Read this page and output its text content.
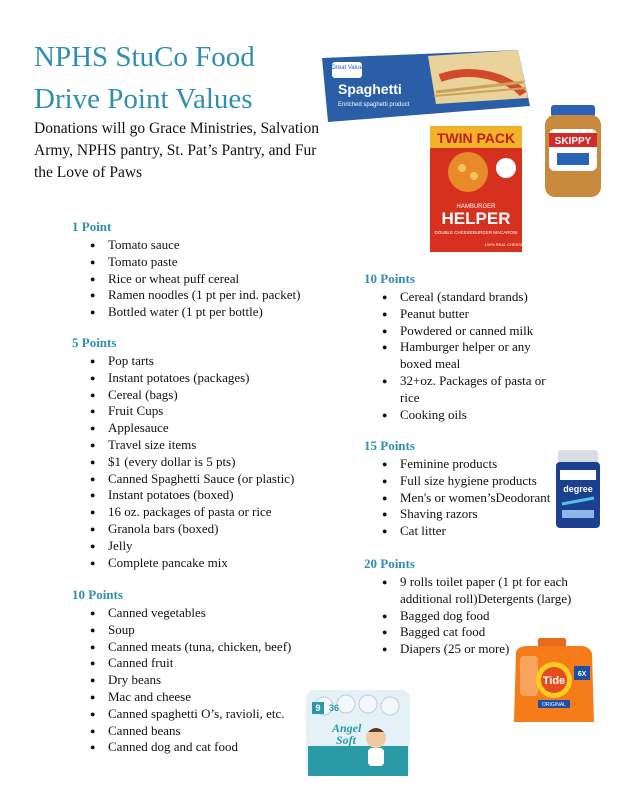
NPHS StuCo Food Drive Point Values

Donations will go Grace Ministries, Salvation Army, NPHS pantry, St. Pat’s Pantry, and Fur the Love of Paws

1 Point
● Tomato sauce
● Tomato paste
● Rice or wheat puff cereal
● Ramen noodles (1 pt per ind. packet)
● Bottled water (1 pt per bottle)
5 Points
● Pop tarts
● Instant potatoes (packages)
● Cereal (bags)
● Fruit Cups
● Applesauce
● Travel size items
● $1 (every dollar is 5 pts)
● Canned Spaghetti Sauce (or plastic)
● Instant potatoes (boxed)
● 16 oz. packages of pasta or rice
● Granola bars (boxed)
● Jelly
● Complete pancake mix
10 Points
● Canned vegetables
● Soup
● Canned meats (tuna, chicken, beef)
● Canned fruit
● Dry beans
● Mac and cheese
● Canned spaghetti O’s, ravioli, etc.
● Canned beans
● Canned dog and cat food
10 Points
● Cereal (standard brands)
● Peanut butter
● Powdered or canned milk
● Hamburger helper or any boxed meal
● 32+oz. Packages of pasta or rice
● Cooking oils
15 Points
● Feminine products
● Full size hygiene products
● Men's or women’sDeodorant
● Shaving razors
● Cat litter
20 Points
● 9 rolls toilet paper (1 pt for each additional roll)Detergents (large)
● Bagged dog food
● Bagged cat food
● Diapers (25 or more)
Great Value
Spaghetti
Enriched spaghetti product
TWIN PACK
HAMBURGER
HELPER
DOUBLE CHEESEBURGER MACARONI
100% REAL CHEESE
SKIPPY
degree
Tide
ORIGINAL
6X
9 36
Angel
Soft
